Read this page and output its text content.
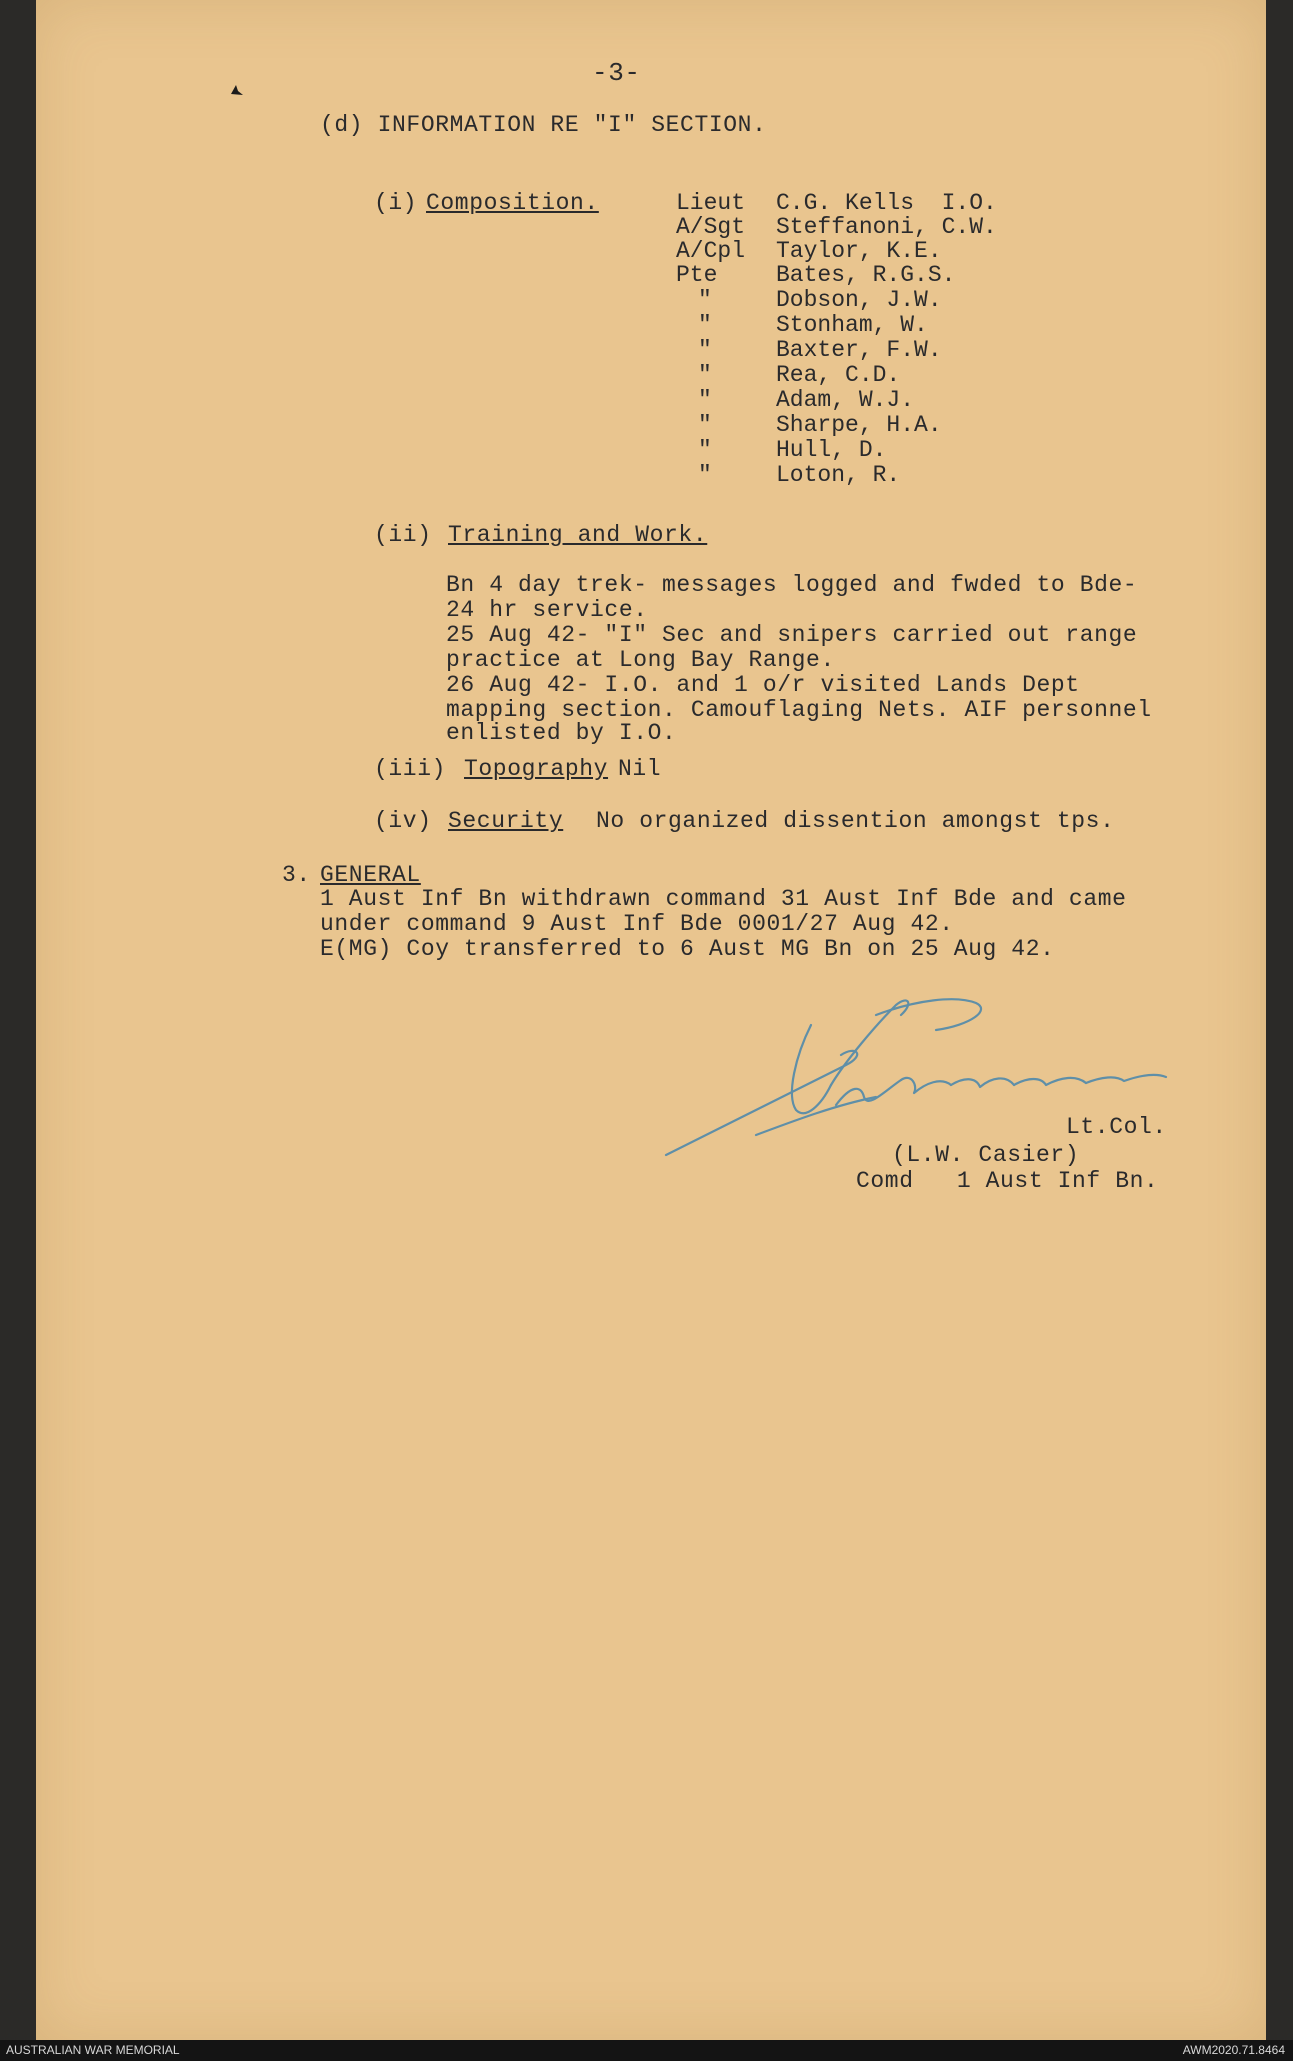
-3-
(d) INFORMATION RE "I" SECTION.
(i) Composition.	Lieut C.G. Kells  I.O.
A/Sgt Steffanoni, C.W.
A/Cpl Taylor, K.E.
Pte	Bates, R.G.S.
"	Dobson, J.W.
"	Stonham, W.
"	Baxter, F.W.
"	Rea, C.D.
"	Adam, W.J.
"	Sharpe, H.A.
"	Hull, D.
"	Loton, R.
(ii) Training and Work.
Bn 4 day trek- messages logged and fwded to Bde-
24 hr service.
25 Aug 42- "I" Sec and snipers carried out range
practice at Long Bay Range.
26 Aug 42- I.O. and 1 o/r visited Lands Dept
mapping section. Camouflaging Nets. AIF personnel
enlisted by I.O.
(iii) Topography Nil
(iv) Security No organized dissention amongst tps.
3. GENERAL
1 Aust Inf Bn withdrawn command 31 Aust Inf Bde and came
under command 9 Aust Inf Bde 0001/27 Aug 42.
E(MG) Coy transferred to 6 Aust MG Bn on 25 Aug 42.
Lt.Col.
(L.W. Casier)
Comd   1 Aust Inf Bn.
AUSTRALIAN WAR MEMORIAL	AWM2020.71.8464
